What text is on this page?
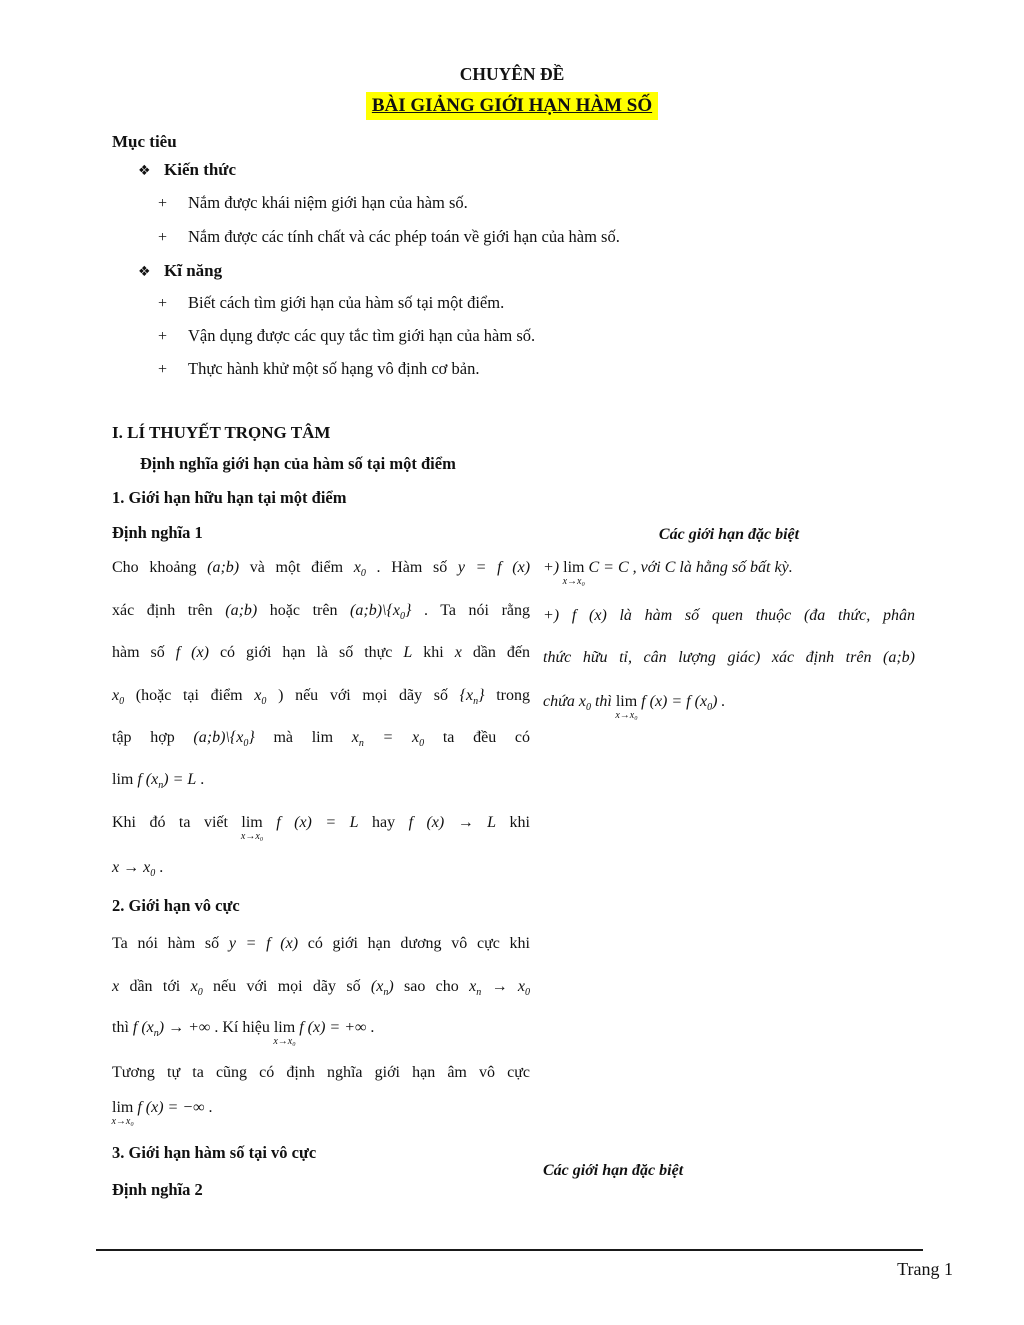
CHUYÊN ĐỀ
BÀI GIẢNG GIỚI HẠN HÀM SỐ
Mục tiêu
❖ Kiến thức
+ Nắm được khái niệm giới hạn của hàm số.
+ Nắm được các tính chất và các phép toán về giới hạn của hàm số.
❖ Kĩ năng
+ Biết cách tìm giới hạn của hàm số tại một điểm.
+ Vận dụng được các quy tắc tìm giới hạn của hàm số.
+ Thực hành khử một số hạng vô định cơ bản.
I. LÍ THUYẾT TRỌNG TÂM
Định nghĩa giới hạn của hàm số tại một điểm
1. Giới hạn hữu hạn tại một điểm
Định nghĩa 1	Các giới hạn đặc biệt
+) lim
x→x₀
C = C , với C là hằng số bất kỳ.
+) f (x) là hàm số quen thuộc (đa thức, phân
thức hữu tỉ, cân lượng giác) xác định trên (a;b)
chứa $x_0$ thì lim
x→x₀
f (x) = f $(x_0)$ .
Cho khoảng (a;b) và một điểm $x_0$ . Hàm số y = f (x)
xác định trên (a;b) hoặc trên $(a;b)\backslash\{x_0\}$ . Ta nói rằng
hàm số f (x) có giới hạn là số thực L khi x dần đến
$x_0$ (hoặc tại điểm $x_0$ ) nếu với mọi dãy số $\{x_n\}$ trong
tập hợp $(a;b)\backslash\{x_0\}$ mà $\lim x_n = x_0$ ta đều có
lim f $(x_n) = L$ .
Khi đó ta viết lim
x→x₀
f (x) = L hay f (x) → L khi
$x \to x_0$ .
2. Giới hạn vô cực
Ta nói hàm số y = f (x) có giới hạn dương vô cực khi
x dần tới $x_0$ nếu với mọi dãy số $(x_n)$ sao cho $x_n \to x_0$
thì f $(x_n)$ → +∞ . Kí hiệu lim
x→x₀
f (x) = +∞ .
Tương tự ta cũng có định nghĩa giới hạn âm vô cực
lim
x→x₀
f (x) = −∞ .
3. Giới hạn hàm số tại vô cực
Các giới hạn đặc biệt
Định nghĩa 2
Trang 1
